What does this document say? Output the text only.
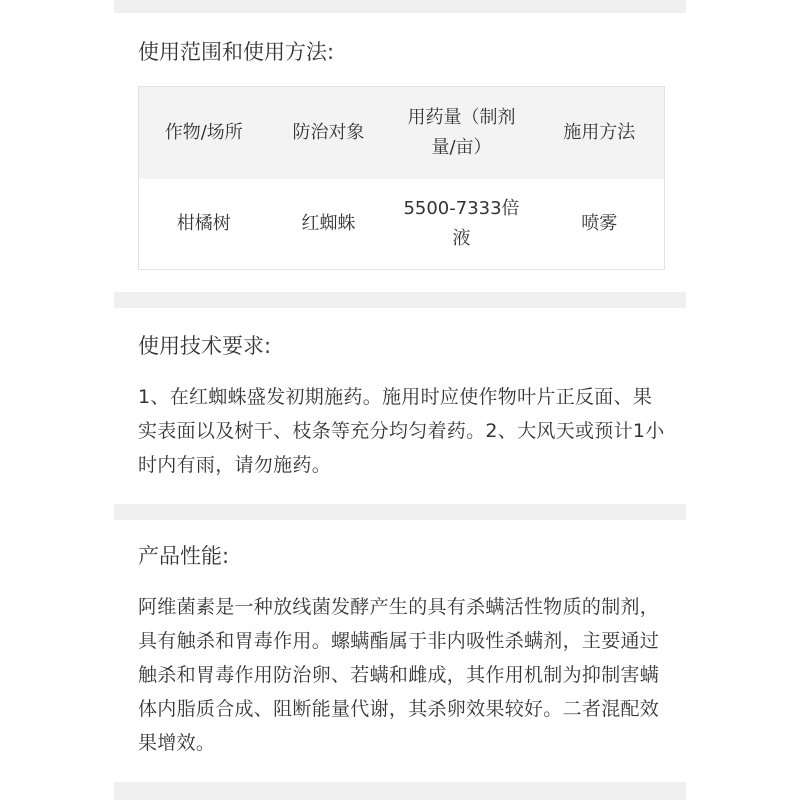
使用范围和使用方法:
作物/场所	防治对象	用药量（制剂量/亩）	施用方法
柑橘树	红蜘蛛	5500-7333倍液	喷雾
使用技术要求:

1、在红蜘蛛盛发初期施药。施用时应使作物叶片正反面、果实表面以及树干、枝条等充分均匀着药。2、大风天或预计1小时内有雨，请勿施药。

产品性能:

阿维菌素是一种放线菌发酵产生的具有杀螨活性物质的制剂，具有触杀和胃毒作用。螺螨酯属于非内吸性杀螨剂，主要通过触杀和胃毒作用防治卵、若螨和雌成，其作用机制为抑制害螨体内脂质合成、阻断能量代谢，其杀卵效果较好。二者混配效果增效。
